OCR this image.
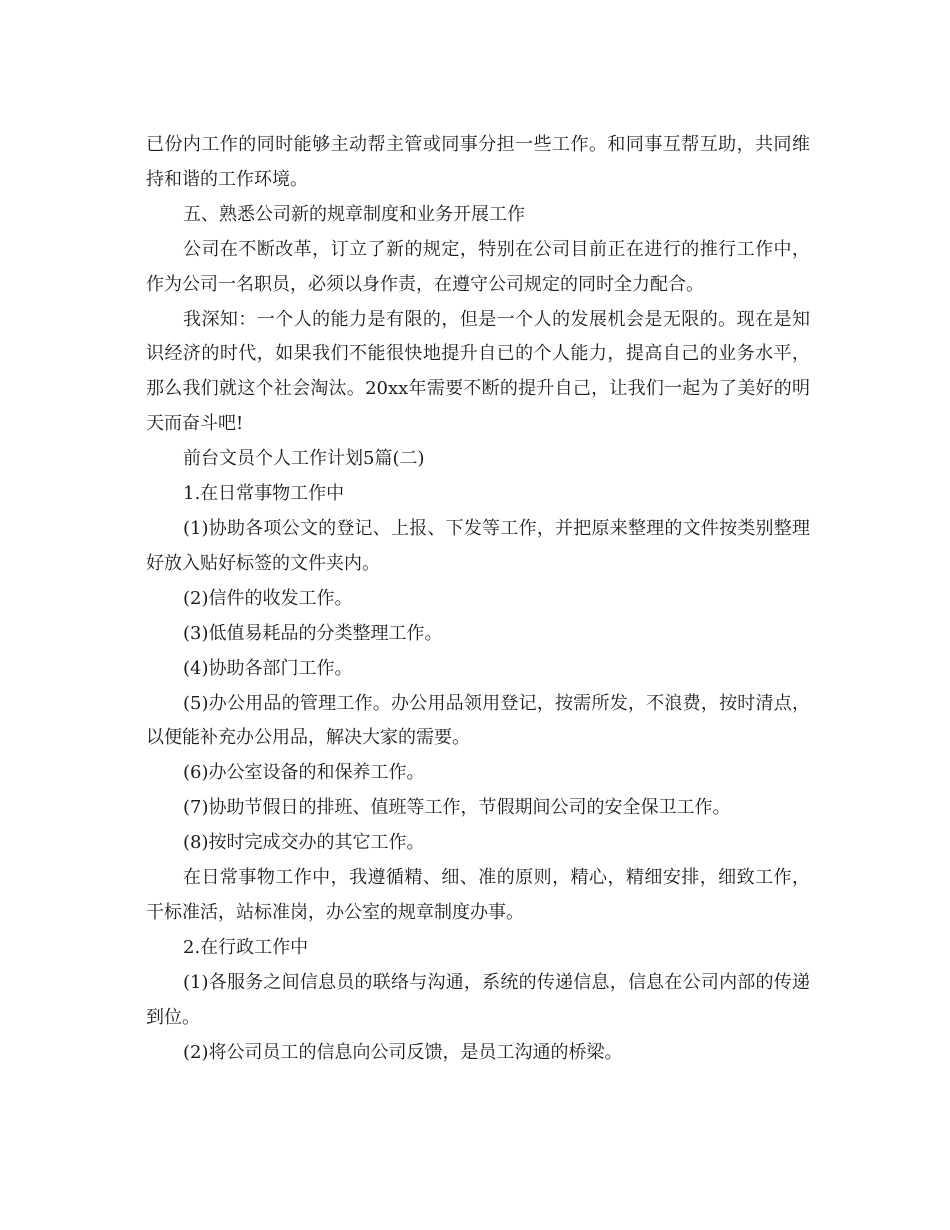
已份内工作的同时能够主动帮主管或同事分担一些工作。和同事互帮互助，共同维持和谐的工作环境。

五、熟悉公司新的规章制度和业务开展工作

公司在不断改革，订立了新的规定，特别在公司目前正在进行的推行工作中，作为公司一名职员，必须以身作责，在遵守公司规定的同时全力配合。

我深知：一个人的能力是有限的，但是一个人的发展机会是无限的。现在是知识经济的时代，如果我们不能很快地提升自已的个人能力，提高自己的业务水平，那么我们就这个社会淘汰。20xx年需要不断的提升自己，让我们一起为了美好的明天而奋斗吧!

前台文员个人工作计划5篇(二)

1.在日常事物工作中

(1)协助各项公文的登记、上报、下发等工作，并把原来整理的文件按类别整理好放入贴好标签的文件夹内。

(2)信件的收发工作。

(3)低值易耗品的分类整理工作。

(4)协助各部门工作。

(5)办公用品的管理工作。办公用品领用登记，按需所发，不浪费，按时清点，以便能补充办公用品，解决大家的需要。

(6)办公室设备的和保养工作。

(7)协助节假日的排班、值班等工作，节假期间公司的安全保卫工作。

(8)按时完成交办的其它工作。

在日常事物工作中，我遵循精、细、准的原则，精心，精细安排，细致工作，干标准活，站标准岗，办公室的规章制度办事。

2.在行政工作中

(1)各服务之间信息员的联络与沟通，系统的传递信息，信息在公司内部的传递到位。

(2)将公司员工的信息向公司反馈，是员工沟通的桥梁。
